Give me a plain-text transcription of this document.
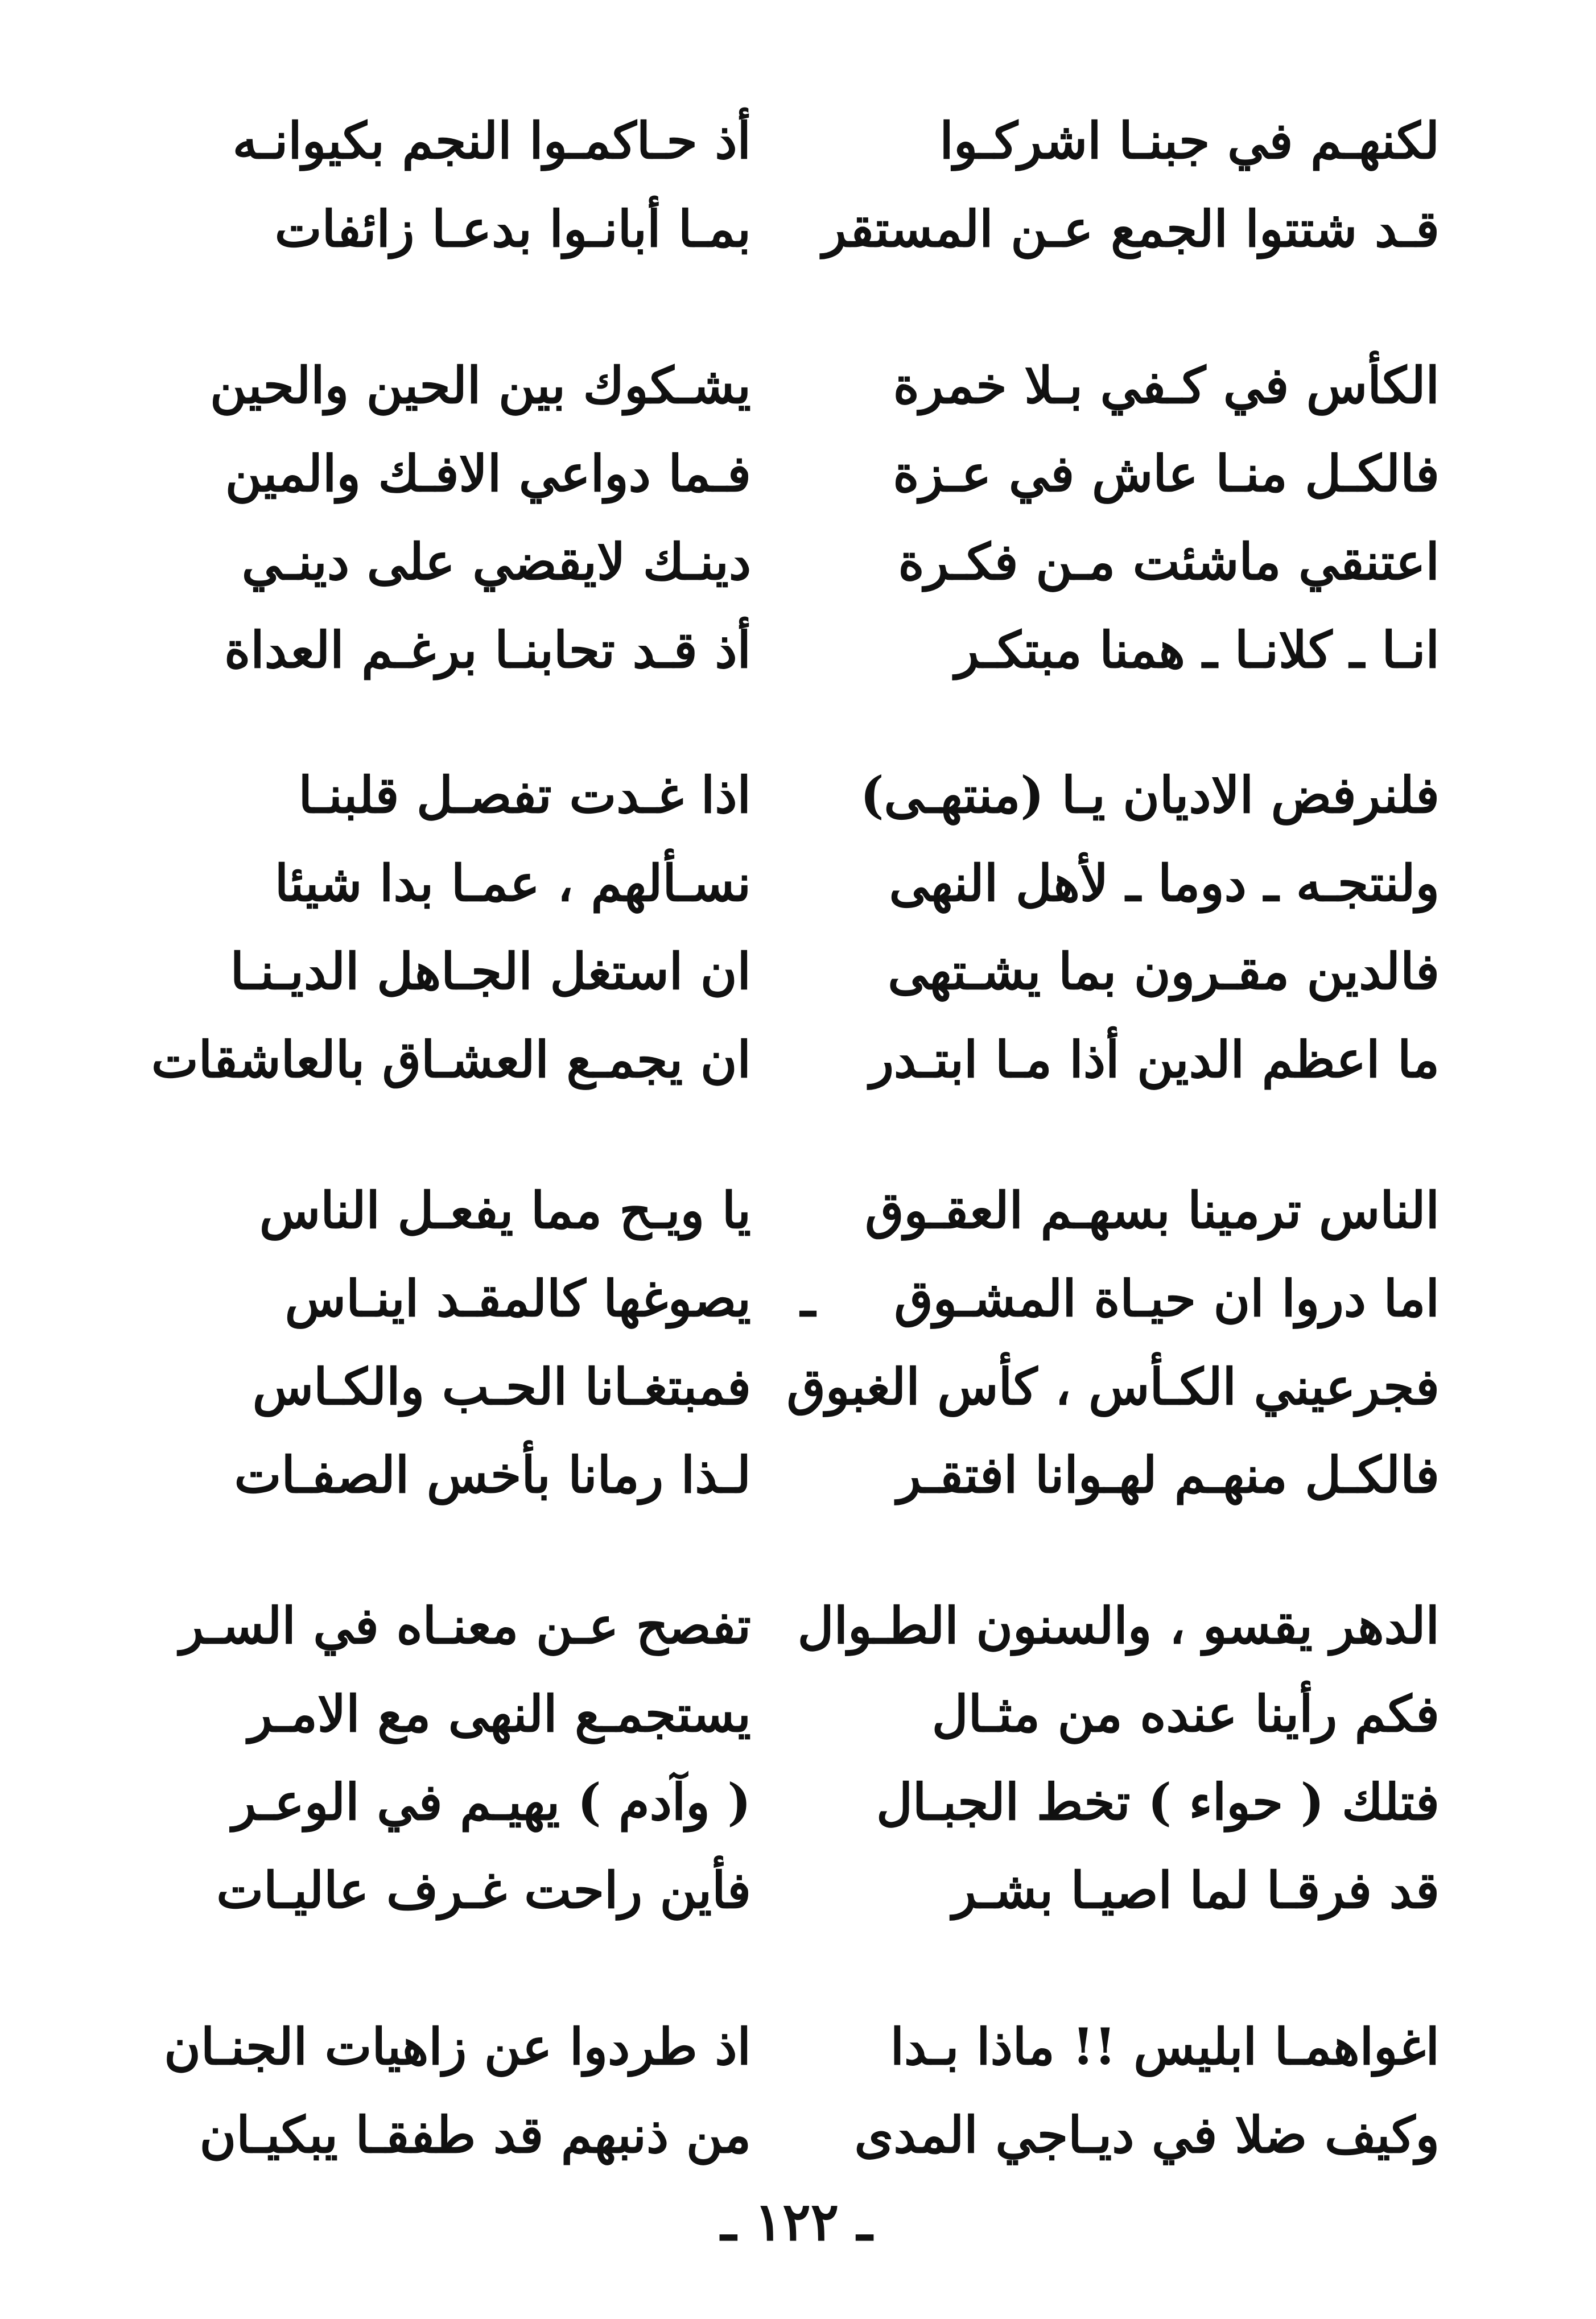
لكنهـم في جبنـا اشركـوا
أذ حـاكمـوا النجم بكيوانـه
قـد شتتوا الجمع عـن المستقر
بمـا أبانـوا بدعـا زائفات
الكأس في كـفي بـلا خمرة
يشـكوك بين الحين والحين
فالكـل منـا عاش في عـزة
فـما دواعي الافـك والمين
اعتنقي ماشئت مـن فكـرة
دينـك لايقضي على دينـي
انـا ـ كلانـا ـ همنا مبتكـر
أذ قـد تحابنـا برغـم العداة
فلنرفض الاديان يـا (منتهـى)
اذا غـدت تفصـل قلبنـا
ولنتجـه ـ دوما ـ لأهل النهى
نسـألهم ، عمـا بدا شيئا
فالدين مقـرون بما يشـتهى
ان استغل الجـاهل الديـنـا
ما اعظم الدين أذا مـا ابتـدر
ان يجمـع العشـاق بالعاشقات
الناس ترمينا بسهـم العقـوق
يا ويـح مما يفعـل الناس
اما دروا ان حيـاة المشـوق
ـ
يصوغها كالمقـد اينـاس
فجرعيني الكـأس ، كأس الغبوق
فمبتغـانا الحـب والكـاس
فالكـل منهـم لهـوانا افتقـر
لـذا رمانا بأخس الصفـات
الدهر يقسو ، والسنون الطـوال
تفصح عـن معنـاه في السـر
فكم رأينا عنده من مثـال
يستجمـع النهى مع الامـر
فتلك ( حواء ) تخط الجبـال
( وآدم ) يهيـم في الوعـر
قد فرقـا لما اصيـا بشـر
فأين راحت غـرف عاليـات
اغواهمـا ابليس !! ماذا بـدا
اذ طردوا عن زاهيات الجنـان
وكيف ضلا في ديـاجي المدى
من ذنبهم قد طفقـا يبكيـان
ـ ١٢٢ ـ
